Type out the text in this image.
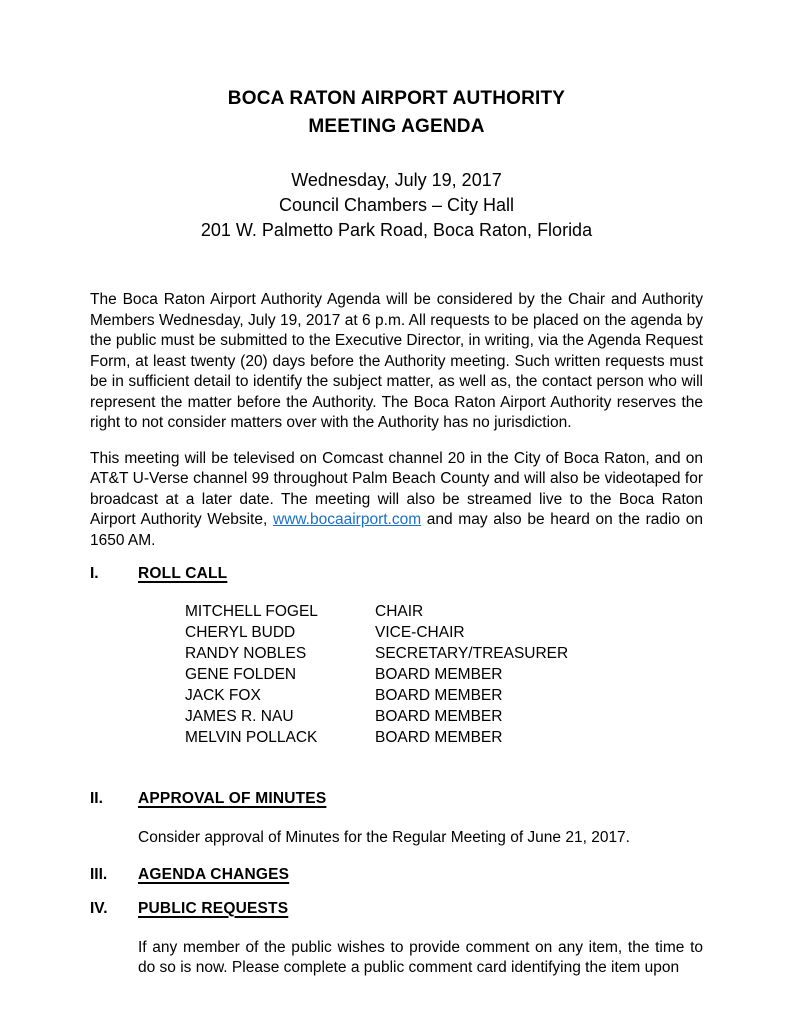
BOCA RATON AIRPORT AUTHORITY
MEETING AGENDA
Wednesday, July 19, 2017
Council Chambers – City Hall
201 W. Palmetto Park Road, Boca Raton, Florida

The Boca Raton Airport Authority Agenda will be considered by the Chair and Authority Members Wednesday, July 19, 2017 at 6 p.m. All requests to be placed on the agenda by the public must be submitted to the Executive Director, in writing, via the Agenda Request Form, at least twenty (20) days before the Authority meeting. Such written requests must be in sufficient detail to identify the subject matter, as well as, the contact person who will represent the matter before the Authority. The Boca Raton Airport Authority reserves the right to not consider matters over with the Authority has no jurisdiction.

This meeting will be televised on Comcast channel 20 in the City of Boca Raton, and on AT&T U-Verse channel 99 throughout Palm Beach County and will also be videotaped for broadcast at a later date. The meeting will also be streamed live to the Boca Raton Airport Authority Website, www.bocaairport.com and may also be heard on the radio on 1650 AM.

I.	ROLL CALL
MITCHELL FOGEL	CHAIR
CHERYL BUDD	VICE-CHAIR
RANDY NOBLES	SECRETARY/TREASURER
GENE FOLDEN	BOARD MEMBER
JACK FOX	BOARD MEMBER
JAMES R. NAU	BOARD MEMBER
MELVIN POLLACK	BOARD MEMBER
II.	APPROVAL OF MINUTES

Consider approval of Minutes for the Regular Meeting of June 21, 2017.

III.	AGENDA CHANGES
IV.	PUBLIC REQUESTS

If any member of the public wishes to provide comment on any item, the time to do so is now. Please complete a public comment card identifying the item upon
